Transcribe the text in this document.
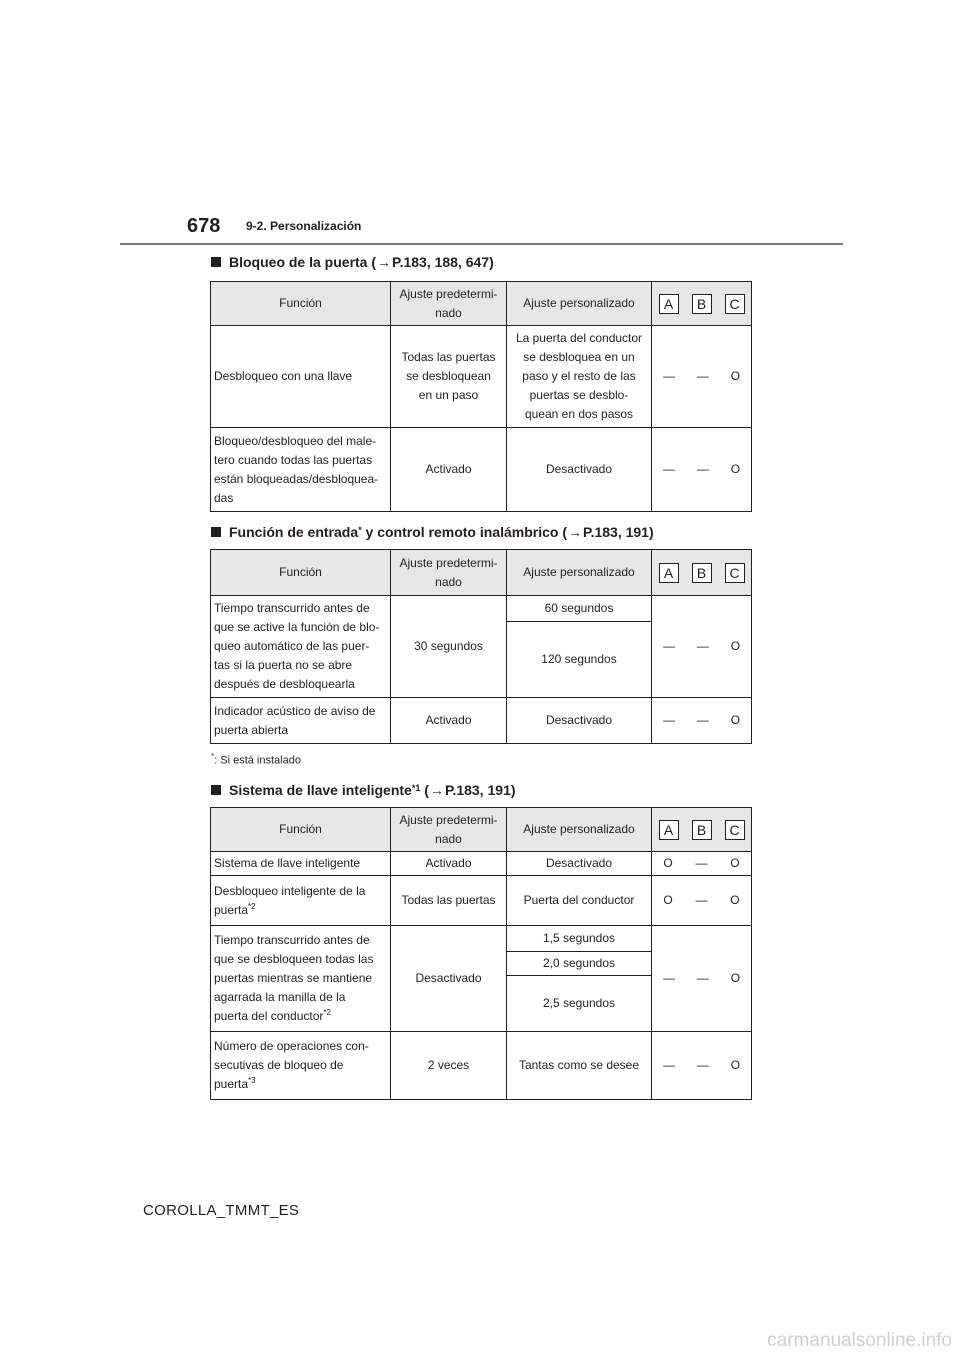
678 9-2. Personalización
Bloqueo de la puerta ( → P.183, 188, 647 )
Función	Ajuste predetermi-
nado	Ajuste personalizado	A B C

Desbloqueo con una llave	Todas las puertas
se desbloquean
en un paso	La puerta del conductor
se desbloquea en un
paso y el resto de las
puertas se desblo-
quean en dos pasos	— — O

Bloqueo/desbloqueo del male-
tero cuando todas las puertas
están bloqueadas/desbloquea-
das	Activado	Desactivado	— — O
Función de entrada* y control remoto inalámbrico ( → P.183, 191 )
Función	Ajuste predetermi-
nado	Ajuste personalizado	A B C

Tiempo transcurrido antes de
que se active la función de blo-
queo automático de las puer-
tas si la puerta no se abre
después de desbloquearla	30 segundos	60 segundos	— — O

		120 segundos	
Indicador acústico de aviso de
puerta abierta	Activado	Desactivado	— — O
*: Si está instalado
Sistema de llave inteligente$^{*1}$ ( → P.183, 191 )
Función	Ajuste predetermi-
nado	Ajuste personalizado	A B C

Sistema de llave inteligente	Activado	Desactivado	O — O

Desbloqueo inteligente de la
puerta$^{*2}$	Todas las puertas	Puerta del conductor	O — O

Tiempo transcurrido antes de
que se desbloqueen todas las
puertas mientras se mantiene
agarrada la manilla de la
puerta del conductor$^{*2}$	Desactivado	1,5 segundos	— — O

		2,0 segundos	
		2,5 segundos	
Número de operaciones con-
secutivas de bloqueo de
puerta$^{*3}$	2 veces	Tantas como se desee	— — O
COROLLA_TMMT_ES
carmanualsonline.info
